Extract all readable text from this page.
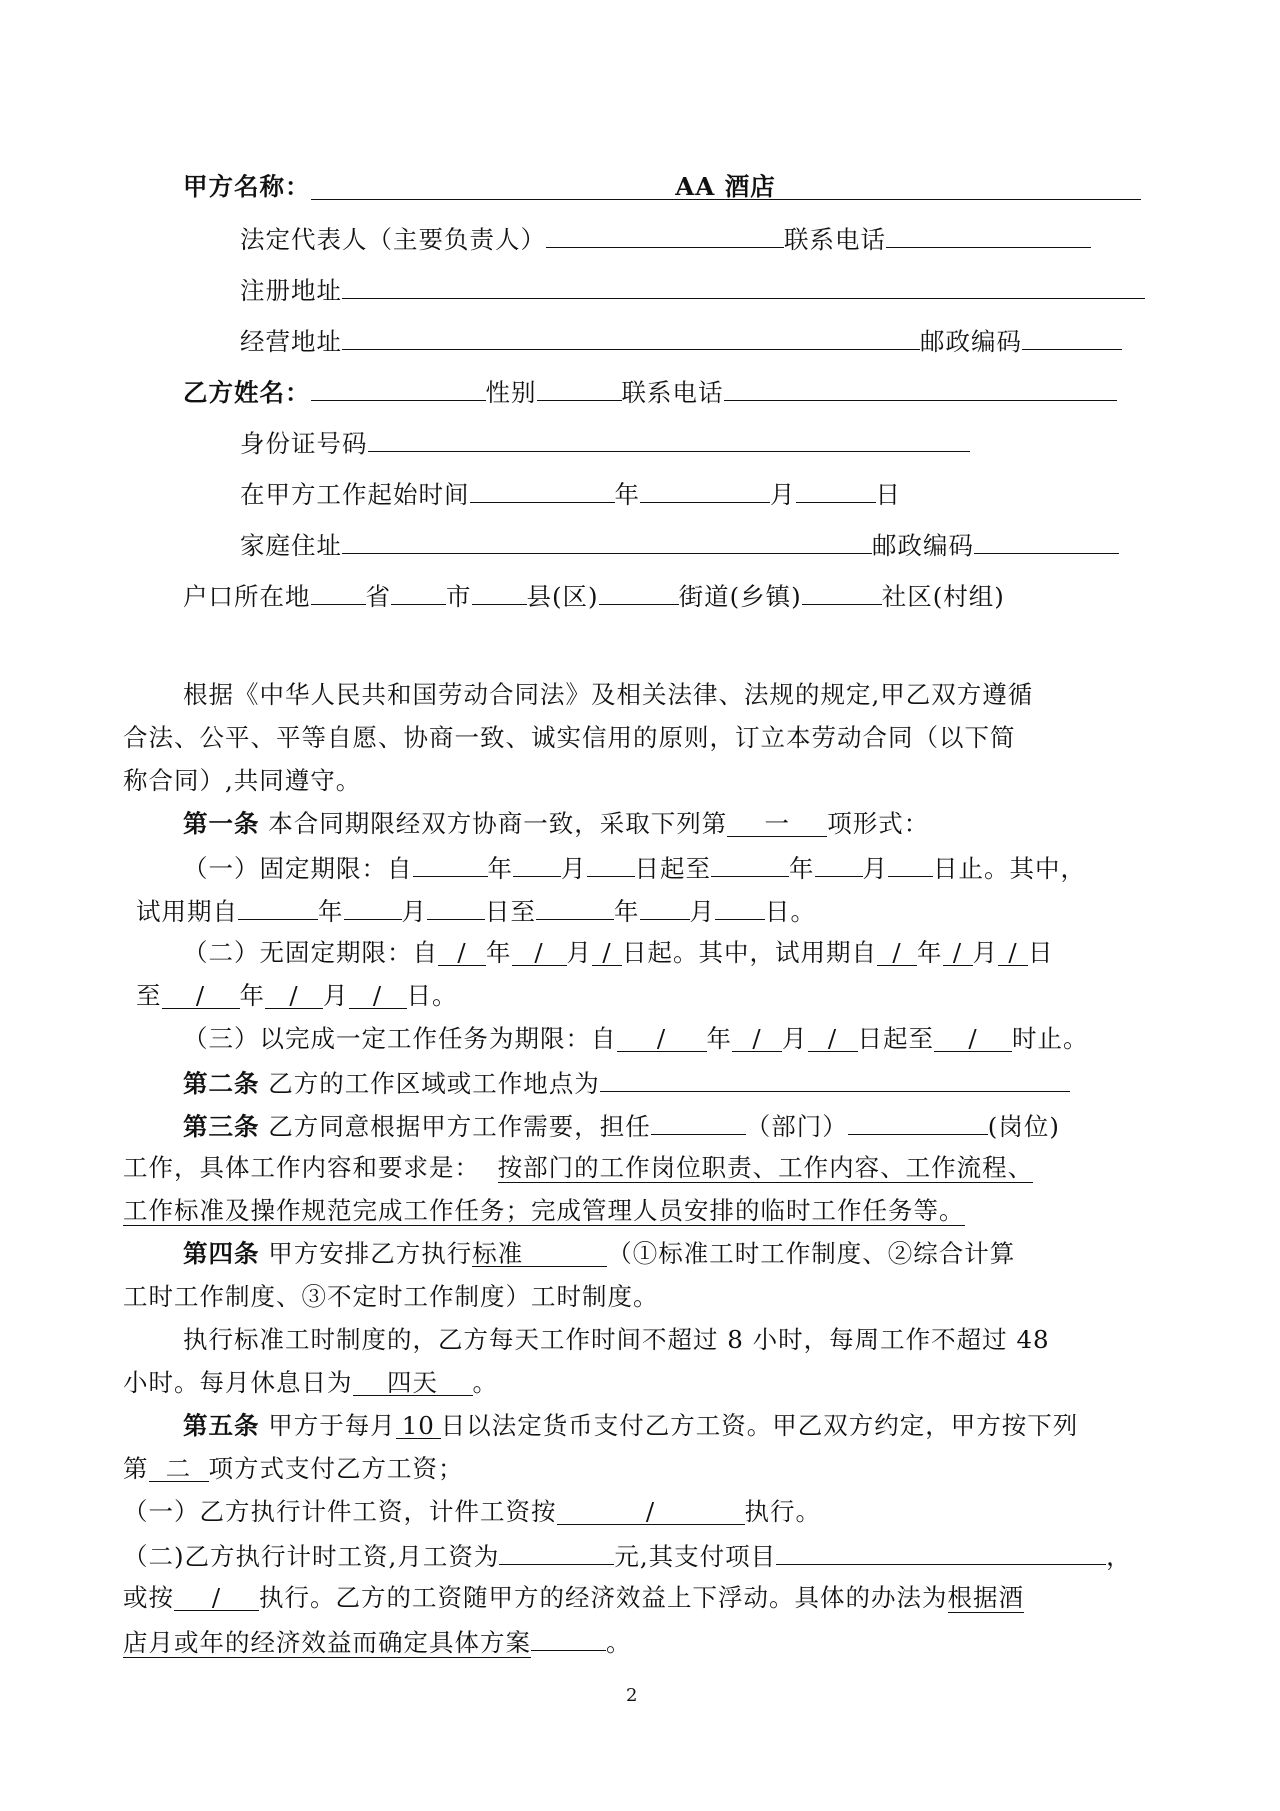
甲方名称：	AA 酒店
法定代表人（主要负责人）	联系电话
注册地址
经营地址	邮政编码
乙方姓名：	性别	联系电话
身份证号码
在甲方工作起始时间	年	月	日
家庭住址	邮政编码
户口所在地 省 市 县(区)	街道(乡镇)	社区(村组)
根据《中华人民共和国劳动合同法》及相关法律、法规的规定,甲乙双方遵循
合法、公平、平等自愿、协商一致、诚实信用的原则，订立本劳动合同（以下简
称合同）,共同遵守。
第一条 本合同期限经双方协商一致，采取下列第 一 项形式：
（一）固定期限：自	年 月 日起至	年 月 日止。其中，
试用期自	年 月 日至	年 月 日。
（二）无固定期限：自 / 年 / 月 / 日起。其中，试用期自 / 年 / 月 / 日
至 / 年 / 月 / 日。
（三）以完成一定工作任务为期限：自 / 年 / 月 / 日起至 / 时止。
第二条 乙方的工作区域或工作地点为
第三条 乙方同意根据甲方工作需要，担任	（部门）	(岗位)
工作，具体工作内容和要求是： 按部门的工作岗位职责、工作内容、工作流程、
工作标准及操作规范完成工作任务；完成管理人员安排的临时工作任务等。
第四条 甲方安排乙方执行标准	（①标准工时工作制度、②综合计算
工时工作制度、③不定时工作制度）工时制度。
执行标准工时制度的，乙方每天工作时间不超过 8 小时，每周工作不超过 48
小时。每月休息日为 四天 。
第五条 甲方于每月 10 日以法定货币支付乙方工资。甲乙双方约定，甲方按下列
第 二 项方式支付乙方工资；
（一）乙方执行计件工资，计件工资按	/	执行。
（二)乙方执行计时工资,月工资为	元,其支付项目	，
或按 / 执行。乙方的工资随甲方的经济效益上下浮动。具体的办法为根据酒
店月或年的经济效益而确定具体方案	。
2
